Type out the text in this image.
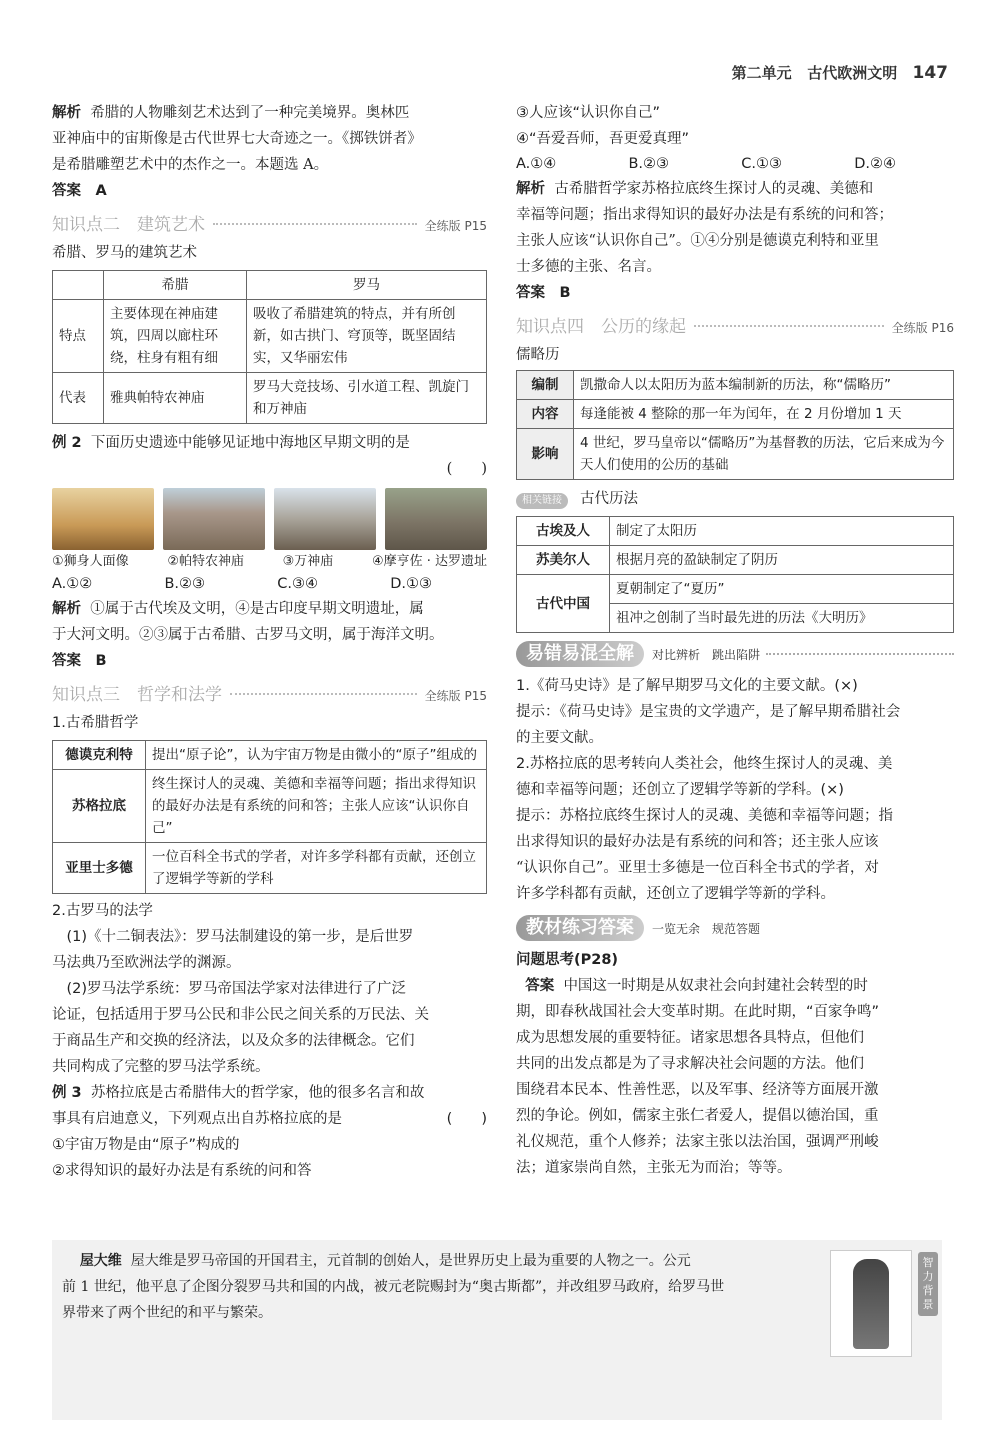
第二单元 古代欧洲文明 147

解析 希腊的人物雕刻艺术达到了一种完美境界。奥林匹

亚神庙中的宙斯像是古代世界七大奇迹之一。《掷铁饼者》

是希腊雕塑艺术中的杰作之一。本题选 A。

答案　A

知识点二　建筑艺术	全练版 P15

希腊、罗马的建筑艺术

	希腊	罗马
特点	主要体现在神庙建筑，四周以廊柱环绕，柱身有粗有细	吸收了希腊建筑的特点，并有所创新，如古拱门、穹顶等，既坚固结实，又华丽宏伟
代表	雅典帕特农神庙	罗马大竞技场、引水道工程、凯旋门和万神庙

例 2 下面历史遗迹中能够见证地中海地区早期文明的是

(　　)

①狮身人面像	②帕特农神庙	③万神庙	④摩亨佐 · 达罗遗址
A.①②	B.②③	C.③④	D.①③

解析 ①属于古代埃及文明，④是古印度早期文明遗址，属

于大河文明。②③属于古希腊、古罗马文明，属于海洋文明。

答案　B

知识点三　哲学和法学	全练版 P15

1.古希腊哲学

德谟克利特	提出“原子论”，认为宇宙万物是由微小的“原子”组成的
苏格拉底	终生探讨人的灵魂、美德和幸福等问题；指出求得知识的最好办法是有系统的问和答；主张人应该“认识你自己”
亚里士多德	一位百科全书式的学者，对许多学科都有贡献，还创立了逻辑学等新的学科

2.古罗马的法学

　(1)《十二铜表法》：罗马法制建设的第一步，是后世罗

马法典乃至欧洲法学的渊源。

　(2)罗马法学系统：罗马帝国法学家对法律进行了广泛

论证，包括适用于罗马公民和非公民之间关系的万民法、关

于商品生产和交换的经济法，以及众多的法律概念。它们

共同构成了完整的罗马法学系统。

例 3 苏格拉底是古希腊伟大的哲学家，他的很多名言和故

事具有启迪意义，下列观点出自苏格拉底的是	(　　)

①宇宙万物是由“原子”构成的

②求得知识的最好办法是有系统的问和答

③人应该“认识你自己”

④“吾爱吾师，吾更爱真理”

A.①④	B.②③	C.①③	D.②④

解析 古希腊哲学家苏格拉底终生探讨人的灵魂、美德和

幸福等问题；指出求得知识的最好办法是有系统的问和答；

主张人应该“认识你自己”。①④分别是德谟克利特和亚里

士多德的主张、名言。

答案　B

知识点四　公历的缘起	全练版 P16

儒略历

编制	凯撒命人以太阳历为蓝本编制新的历法，称“儒略历”
内容	每逢能被 4 整除的那一年为闰年，在 2 月份增加 1 天
影响	4 世纪，罗马皇帝以“儒略历”为基督教的历法，它后来成为今天人们使用的公历的基础

相关链接 古代历法

古埃及人	制定了太阳历
苏美尔人	根据月亮的盈缺制定了阴历
古代中国	夏朝制定了“夏历”
	祖冲之创制了当时最先进的历法《大明历》
易错易混全解	对比辨析　跳出陷阱

1.《荷马史诗》是了解早期罗马文化的主要文献。(×)

提示：《荷马史诗》是宝贵的文学遗产，是了解早期希腊社会

的主要文献。

2.苏格拉底的思考转向人类社会，他终生探讨人的灵魂、美

德和幸福等问题；还创立了逻辑学等新的学科。(×)

提示：苏格拉底终生探讨人的灵魂、美德和幸福等问题；指

出求得知识的最好办法是有系统的问和答；还主张人应该

“认识你自己”。亚里士多德是一位百科全书式的学者，对

许多学科都有贡献，还创立了逻辑学等新的学科。

教材练习答案	一览无余　规范答题

问题思考(P28)

答案 中国这一时期是从奴隶社会向封建社会转型的时

期，即春秋战国社会大变革时期。在此时期，“百家争鸣”

成为思想发展的重要特征。诸家思想各具特点，但他们

共同的出发点都是为了寻求解决社会问题的方法。他们

围绕君本民本、性善性恶，以及军事、经济等方面展开激

烈的争论。例如，儒家主张仁者爱人，提倡以德治国，重

礼仪规范，重个人修养；法家主张以法治国，强调严刑峻

法；道家崇尚自然，主张无为而治；等等。

屋大维 屋大维是罗马帝国的开国君主，元首制的创始人，是世界历史上最为重要的人物之一。公元

前 1 世纪，他平息了企图分裂罗马共和国的内战，被元老院赐封为“奥古斯都”，并改组罗马政府，给罗马世

界带来了两个世纪的和平与繁荣。

智力背景
